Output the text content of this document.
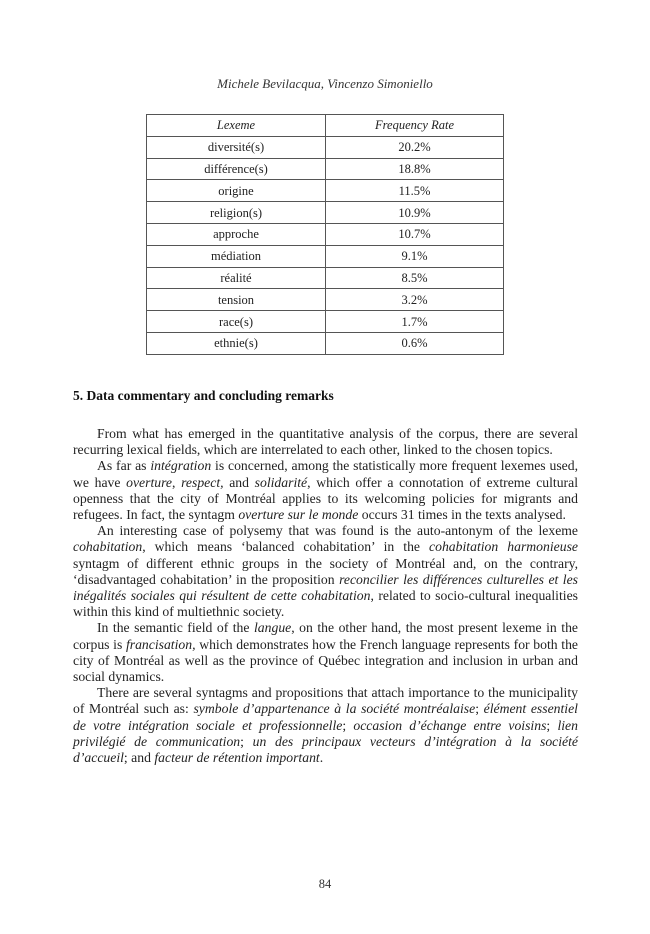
Michele Bevilacqua, Vincenzo Simoniello
Lexeme	Frequency Rate
diversité(s)	20.2%
différence(s)	18.8%
origine	11.5%
religion(s)	10.9%
approche	10.7%
médiation	9.1%
réalité	8.5%
tension	3.2%
race(s)	1.7%
ethnie(s)	0.6%
5. Data commentary and concluding remarks

From what has emerged in the quantitative analysis of the corpus, there are several recurring lexical fields, which are interrelated to each other, linked to the chosen topics.

As far as intégration is concerned, among the statistically more frequent lexemes used, we have overture, respect, and solidarité, which offer a connotation of extreme cultural openness that the city of Montréal applies to its welcoming policies for migrants and refugees. In fact, the syntagm overture sur le monde occurs 31 times in the texts analysed.

An interesting case of polysemy that was found is the auto-antonym of the lexeme cohabitation, which means ‘balanced cohabitation’ in the cohabitation harmonieuse syntagm of different ethnic groups in the society of Montréal and, on the contrary, ‘disadvantaged cohabitation’ in the proposition reconcilier les différences culturelles et les inégalités sociales qui résultent de cette cohabitation, related to socio-cultural inequalities within this kind of multiethnic society.

In the semantic field of the langue, on the other hand, the most present lexeme in the corpus is francisation, which demonstrates how the French language represents for both the city of Montréal as well as the province of Québec integration and inclusion in urban and social dynamics.

There are several syntagms and propositions that attach importance to the municipality of Montréal such as: symbole d’appartenance à la société montréalaise; élément essentiel de votre intégration sociale et professionnelle; occasion d’échange entre voisins; lien privilégié de communication; un des principaux vecteurs d’intégration à la société d’accueil; and facteur de rétention important.

84
